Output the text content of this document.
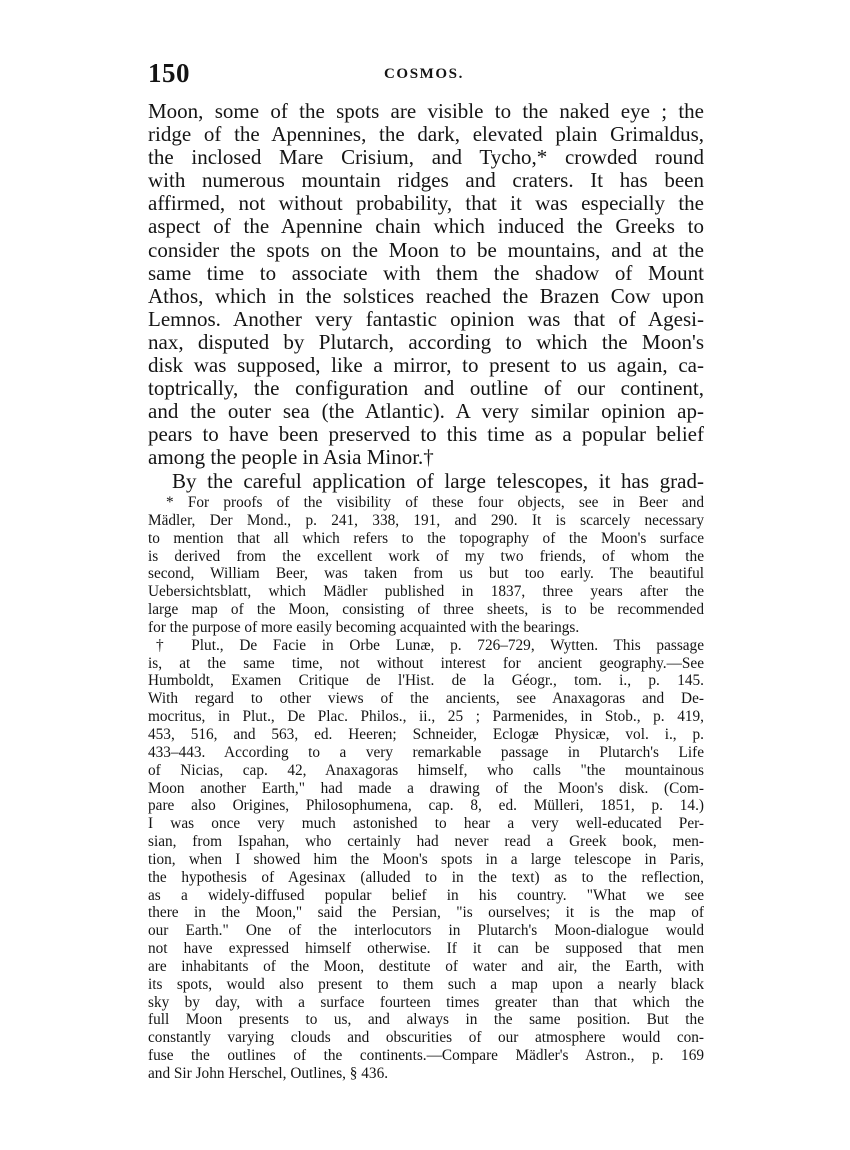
150	COSMOS.
Moon, some of the spots are visible to the naked eye ; the
ridge of the Apennines, the dark, elevated plain Grimaldus,
the inclosed Mare Crisium, and Tycho,* crowded round
with numerous mountain ridges and craters. It has been
affirmed, not without probability, that it was especially the
aspect of the Apennine chain which induced the Greeks to
consider the spots on the Moon to be mountains, and at the
same time to associate with them the shadow of Mount
Athos, which in the solstices reached the Brazen Cow upon
Lemnos. Another very fantastic opinion was that of Agesi-
nax, disputed by Plutarch, according to which the Moon's
disk was supposed, like a mirror, to present to us again, ca-
toptrically, the configuration and outline of our continent,
and the outer sea (the Atlantic). A very similar opinion ap-
pears to have been preserved to this time as a popular belief
among the people in Asia Minor.†
By the careful application of large telescopes, it has grad-
* For proofs of the visibility of these four objects, see in Beer and
Mädler, Der Mond., p. 241, 338, 191, and 290. It is scarcely necessary
to mention that all which refers to the topography of the Moon's surface
is derived from the excellent work of my two friends, of whom the
second, William Beer, was taken from us but too early. The beautiful
Uebersichtsblatt, which Mädler published in 1837, three years after the
large map of the Moon, consisting of three sheets, is to be recommended
for the purpose of more easily becoming acquainted with the bearings.
† Plut., De Facie in Orbe Lunæ, p. 726–729, Wytten. This passage
is, at the same time, not without interest for ancient geography.—See
Humboldt, Examen Critique de l'Hist. de la Géogr., tom. i., p. 145.
With regard to other views of the ancients, see Anaxagoras and De-
mocritus, in Plut., De Plac. Philos., ii., 25 ; Parmenides, in Stob., p. 419,
453, 516, and 563, ed. Heeren; Schneider, Eclogæ Physicæ, vol. i., p.
433–443. According to a very remarkable passage in Plutarch's Life
of Nicias, cap. 42, Anaxagoras himself, who calls "the mountainous
Moon another Earth," had made a drawing of the Moon's disk. (Com-
pare also Origines, Philosophumena, cap. 8, ed. Mülleri, 1851, p. 14.)
I was once very much astonished to hear a very well-educated Per-
sian, from Ispahan, who certainly had never read a Greek book, men-
tion, when I showed him the Moon's spots in a large telescope in Paris,
the hypothesis of Agesinax (alluded to in the text) as to the reflection,
as a widely-diffused popular belief in his country. "What we see
there in the Moon," said the Persian, "is ourselves; it is the map of
our Earth." One of the interlocutors in Plutarch's Moon-dialogue would
not have expressed himself otherwise. If it can be supposed that men
are inhabitants of the Moon, destitute of water and air, the Earth, with
its spots, would also present to them such a map upon a nearly black
sky by day, with a surface fourteen times greater than that which the
full Moon presents to us, and always in the same position. But the
constantly varying clouds and obscurities of our atmosphere would con-
fuse the outlines of the continents.—Compare Mädler's Astron., p. 169
and Sir John Herschel, Outlines, § 436.
